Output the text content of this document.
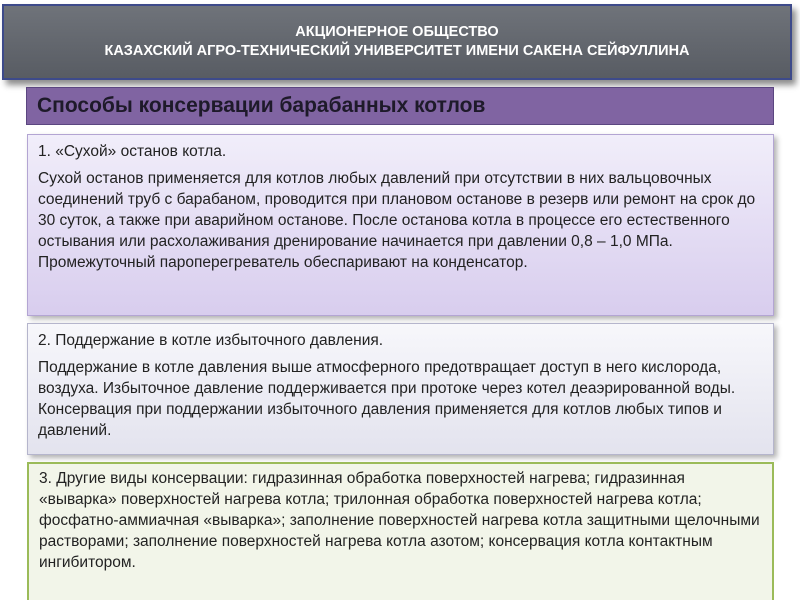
АКЦИОНЕРНОЕ ОБЩЕСТВО
КАЗАХСКИЙ АГРО-ТЕХНИЧЕСКИЙ УНИВЕРСИТЕТ ИМЕНИ САКЕНА СЕЙФУЛЛИНА
Способы консервации барабанных котлов

1. «Сухой» останов котла.

Сухой останов применяется для котлов любых давлений при отсутствии в них вальцовочных соединений труб с барабаном, проводится при плановом останове в резерв или ремонт на срок до 30 суток, а также при аварийном останове. После останова котла в процессе его естественного остывания или расхолаживания дренирование начинается при давлении 0,8 – 1,0 МПа. Промежуточный пароперегреватель обеспаривают на конденсатор.

2. Поддержание в котле избыточного давления.

Поддержание в котле давления выше атмосферного предотвращает доступ в него кислорода, воздуха. Избыточное давление поддерживается при протоке через котел деаэрированной воды. Консервация при поддержании избыточного давления применяется для котлов любых типов и давлений.

3. Другие виды консервации: гидразинная обработка поверхностей нагрева; гидразинная «выварка» поверхностей нагрева котла; трилонная обработка поверхностей нагрева котла; фосфатно-аммиачная «выварка»; заполнение поверхностей нагрева котла защитными щелочными растворами; заполнение поверхностей нагрева котла азотом; консервация котла контактным ингибитором.
